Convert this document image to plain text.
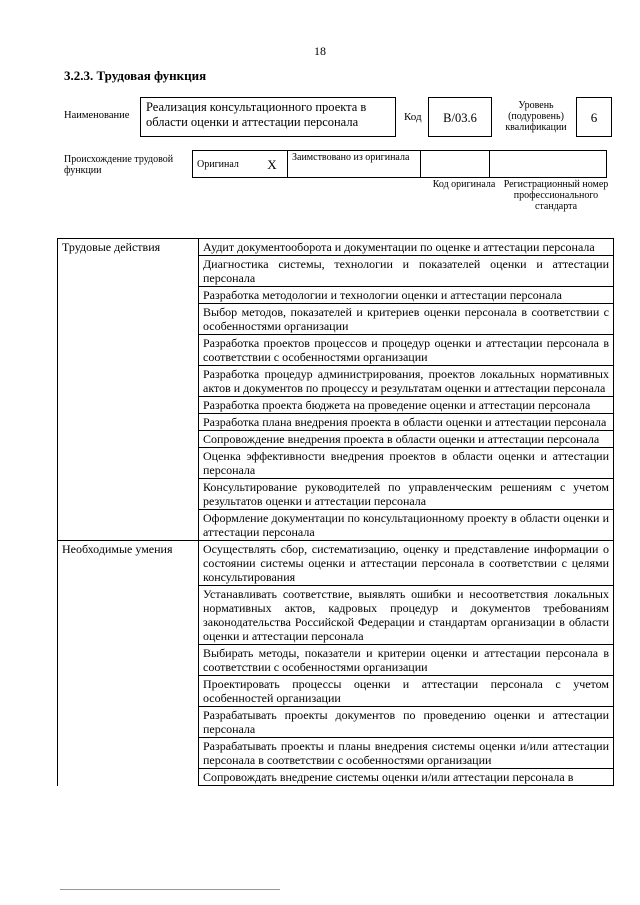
18
3.2.3. Трудовая функция
Наименование
Реализация консультационного проекта в области оценки и аттестации персонала	Код	B/03.6
Уровень (подуровень) квалификации
6
Происхождение трудовой функции
Оригинал	X	Заимствовано из оригинала		
Код оригинала Регистрационный номер профессионального стандарта
Трудовые действия	Аудит документооборота и документации по оценке и аттестации персонала
	Диагностика системы, технологии и показателей оценки и аттестации персонала
	Разработка методологии и технологии оценки и аттестации персонала
	Выбор методов, показателей и критериев оценки персонала в соответствии с особенностями организации
	Разработка проектов процессов и процедур оценки и аттестации персонала в соответствии с особенностями организации
	Разработка процедур администрирования, проектов локальных нормативных актов и документов по процессу и результатам оценки и аттестации персонала
	Разработка проекта бюджета на проведение оценки и аттестации персонала
	Разработка плана внедрения проекта в области оценки и аттестации персонала
	Сопровождение внедрения проекта в области оценки и аттестации персонала
	Оценка эффективности внедрения проектов в области оценки и аттестации персонала
	Консультирование руководителей по управленческим решениям с учетом результатов оценки и аттестации персонала
	Оформление документации по консультационному проекту в области оценки и аттестации персонала
Необходимые умения	Осуществлять сбор, систематизацию, оценку и представление информации о состоянии системы оценки и аттестации персонала в соответствии с целями консультирования
	Устанавливать соответствие, выявлять ошибки и несоответствия локальных нормативных актов, кадровых процедур и документов требованиям законодательства Российской Федерации и стандартам организации в области оценки и аттестации персонала
	Выбирать методы, показатели и критерии оценки и аттестации персонала в соответствии с особенностями организации
	Проектировать процессы оценки и аттестации персонала с учетом особенностей организации
	Разрабатывать проекты документов по проведению оценки и аттестации персонала
	Разрабатывать проекты и планы внедрения системы оценки и/или аттестации персонала в соответствии с особенностями организации
	Сопровождать внедрение системы оценки и/или аттестации персонала в
